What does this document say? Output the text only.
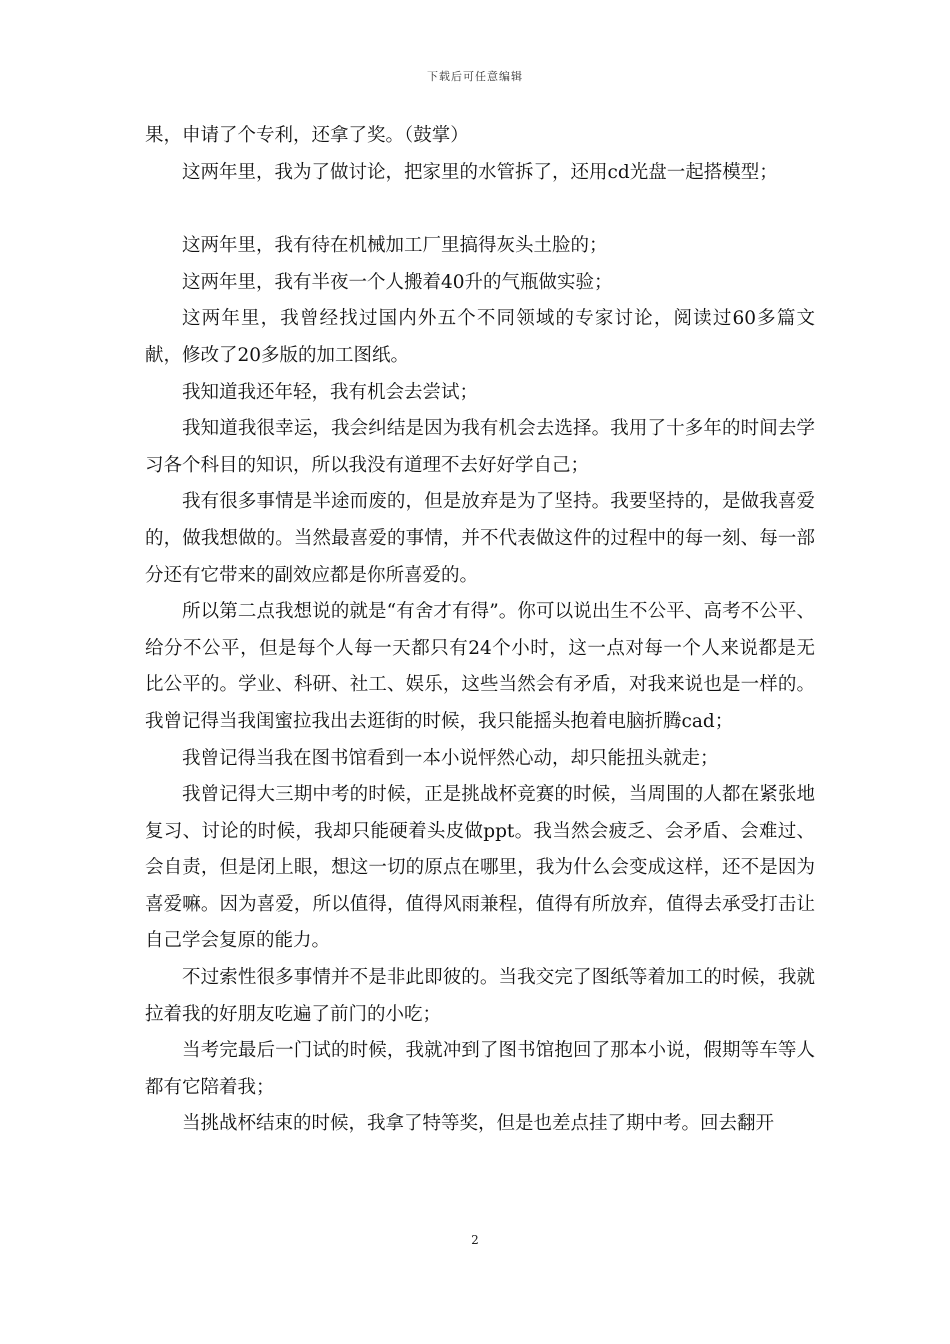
下载后可任意编辑

果，申请了个专利，还拿了奖。（鼓掌）

这两年里，我为了做讨论，把家里的水管拆了，还用cd光盘一起搭模型；

这两年里，我有待在机械加工厂里搞得灰头土脸的；

这两年里，我有半夜一个人搬着40升的气瓶做实验；

这两年里，我曾经找过国内外五个不同领域的专家讨论，阅读过60多篇文献，修改了20多版的加工图纸。

我知道我还年轻，我有机会去尝试；

我知道我很幸运，我会纠结是因为我有机会去选择。我用了十多年的时间去学习各个科目的知识，所以我没有道理不去好好学自己；

我有很多事情是半途而废的，但是放弃是为了坚持。我要坚持的，是做我喜爱的，做我想做的。当然最喜爱的事情，并不代表做这件的过程中的每一刻、每一部分还有它带来的副效应都是你所喜爱的。

所以第二点我想说的就是“有舍才有得”。你可以说出生不公平、高考不公平、给分不公平，但是每个人每一天都只有24个小时，这一点对每一个人来说都是无比公平的。学业、科研、社工、娱乐，这些当然会有矛盾，对我来说也是一样的。我曾记得当我闺蜜拉我出去逛街的时候，我只能摇头抱着电脑折腾cad；

我曾记得当我在图书馆看到一本小说怦然心动，却只能扭头就走；

我曾记得大三期中考的时候，正是挑战杯竞赛的时候，当周围的人都在紧张地复习、讨论的时候，我却只能硬着头皮做ppt。我当然会疲乏、会矛盾、会难过、会自责，但是闭上眼，想这一切的原点在哪里，我为什么会变成这样，还不是因为喜爱嘛。因为喜爱，所以值得，值得风雨兼程，值得有所放弃，值得去承受打击让自己学会复原的能力。

不过索性很多事情并不是非此即彼的。当我交完了图纸等着加工的时候，我就拉着我的好朋友吃遍了前门的小吃；

当考完最后一门试的时候，我就冲到了图书馆抱回了那本小说，假期等车等人都有它陪着我；

当挑战杯结束的时候，我拿了特等奖，但是也差点挂了期中考。回去翻开

2
